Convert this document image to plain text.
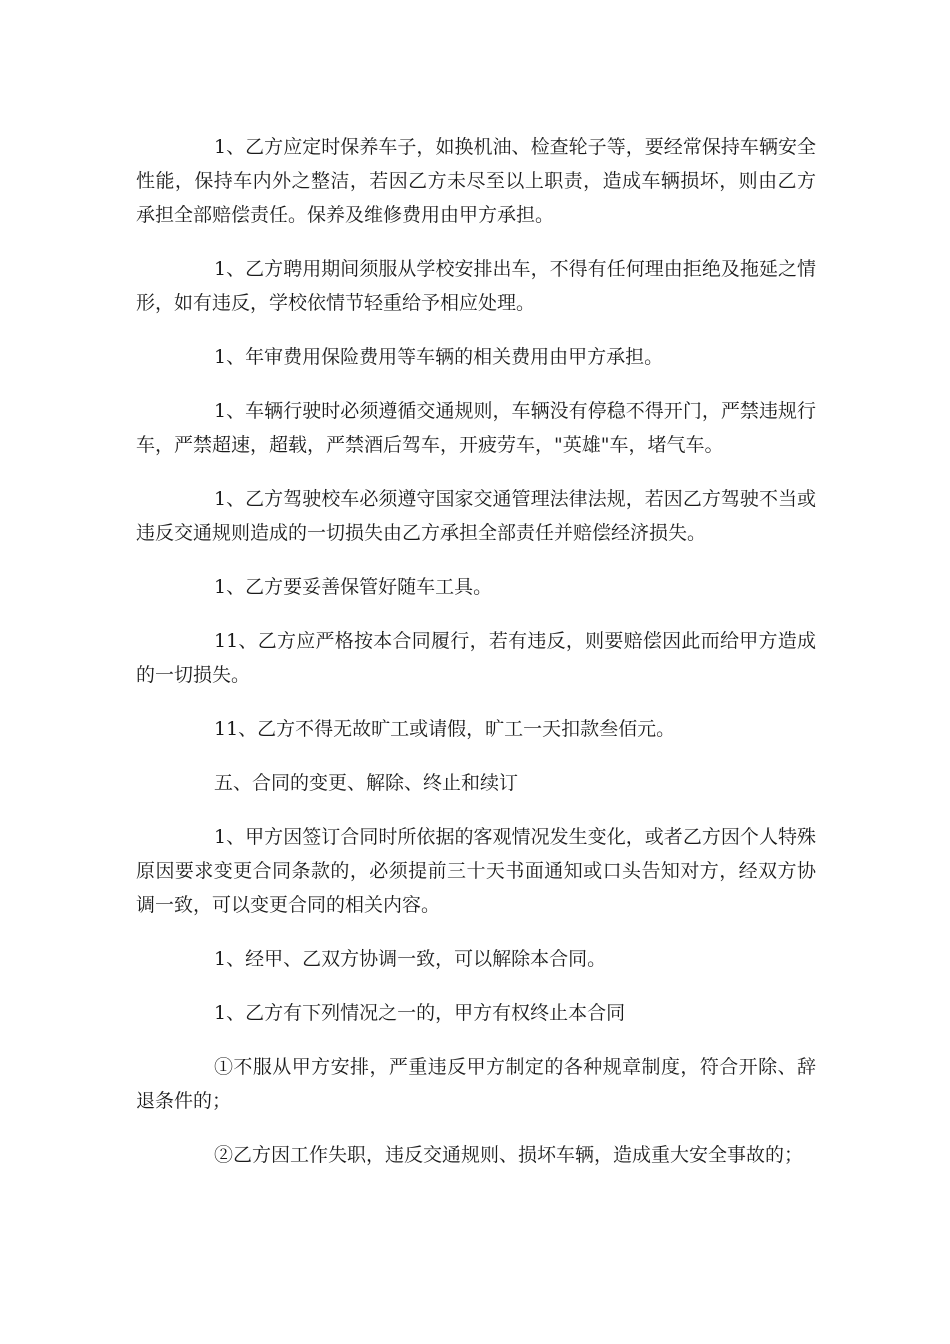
1、乙方应定时保养车子，如换机油、检查轮子等，要经常保持车辆安全性能，保持车内外之整洁，若因乙方未尽至以上职责，造成车辆损坏，则由乙方承担全部赔偿责任。保养及维修费用由甲方承担。

1、乙方聘用期间须服从学校安排出车，不得有任何理由拒绝及拖延之情形，如有违反，学校依情节轻重给予相应处理。

1、年审费用保险费用等车辆的相关费用由甲方承担。

1、车辆行驶时必须遵循交通规则，车辆没有停稳不得开门，严禁违规行车，严禁超速，超载，严禁酒后驾车，开疲劳车，"英雄"车，堵气车。

1、乙方驾驶校车必须遵守国家交通管理法律法规，若因乙方驾驶不当或违反交通规则造成的一切损失由乙方承担全部责任并赔偿经济损失。

1、乙方要妥善保管好随车工具。

11、乙方应严格按本合同履行，若有违反，则要赔偿因此而给甲方造成的一切损失。

11、乙方不得无故旷工或请假，旷工一天扣款叁佰元。

五、合同的变更、解除、终止和续订

1、甲方因签订合同时所依据的客观情况发生变化，或者乙方因个人特殊原因要求变更合同条款的，必须提前三十天书面通知或口头告知对方，经双方协调一致，可以变更合同的相关内容。

1、经甲、乙双方协调一致，可以解除本合同。

1、乙方有下列情况之一的，甲方有权终止本合同

①不服从甲方安排，严重违反甲方制定的各种规章制度，符合开除、辞退条件的；

②乙方因工作失职，违反交通规则、损坏车辆，造成重大安全事故的；
